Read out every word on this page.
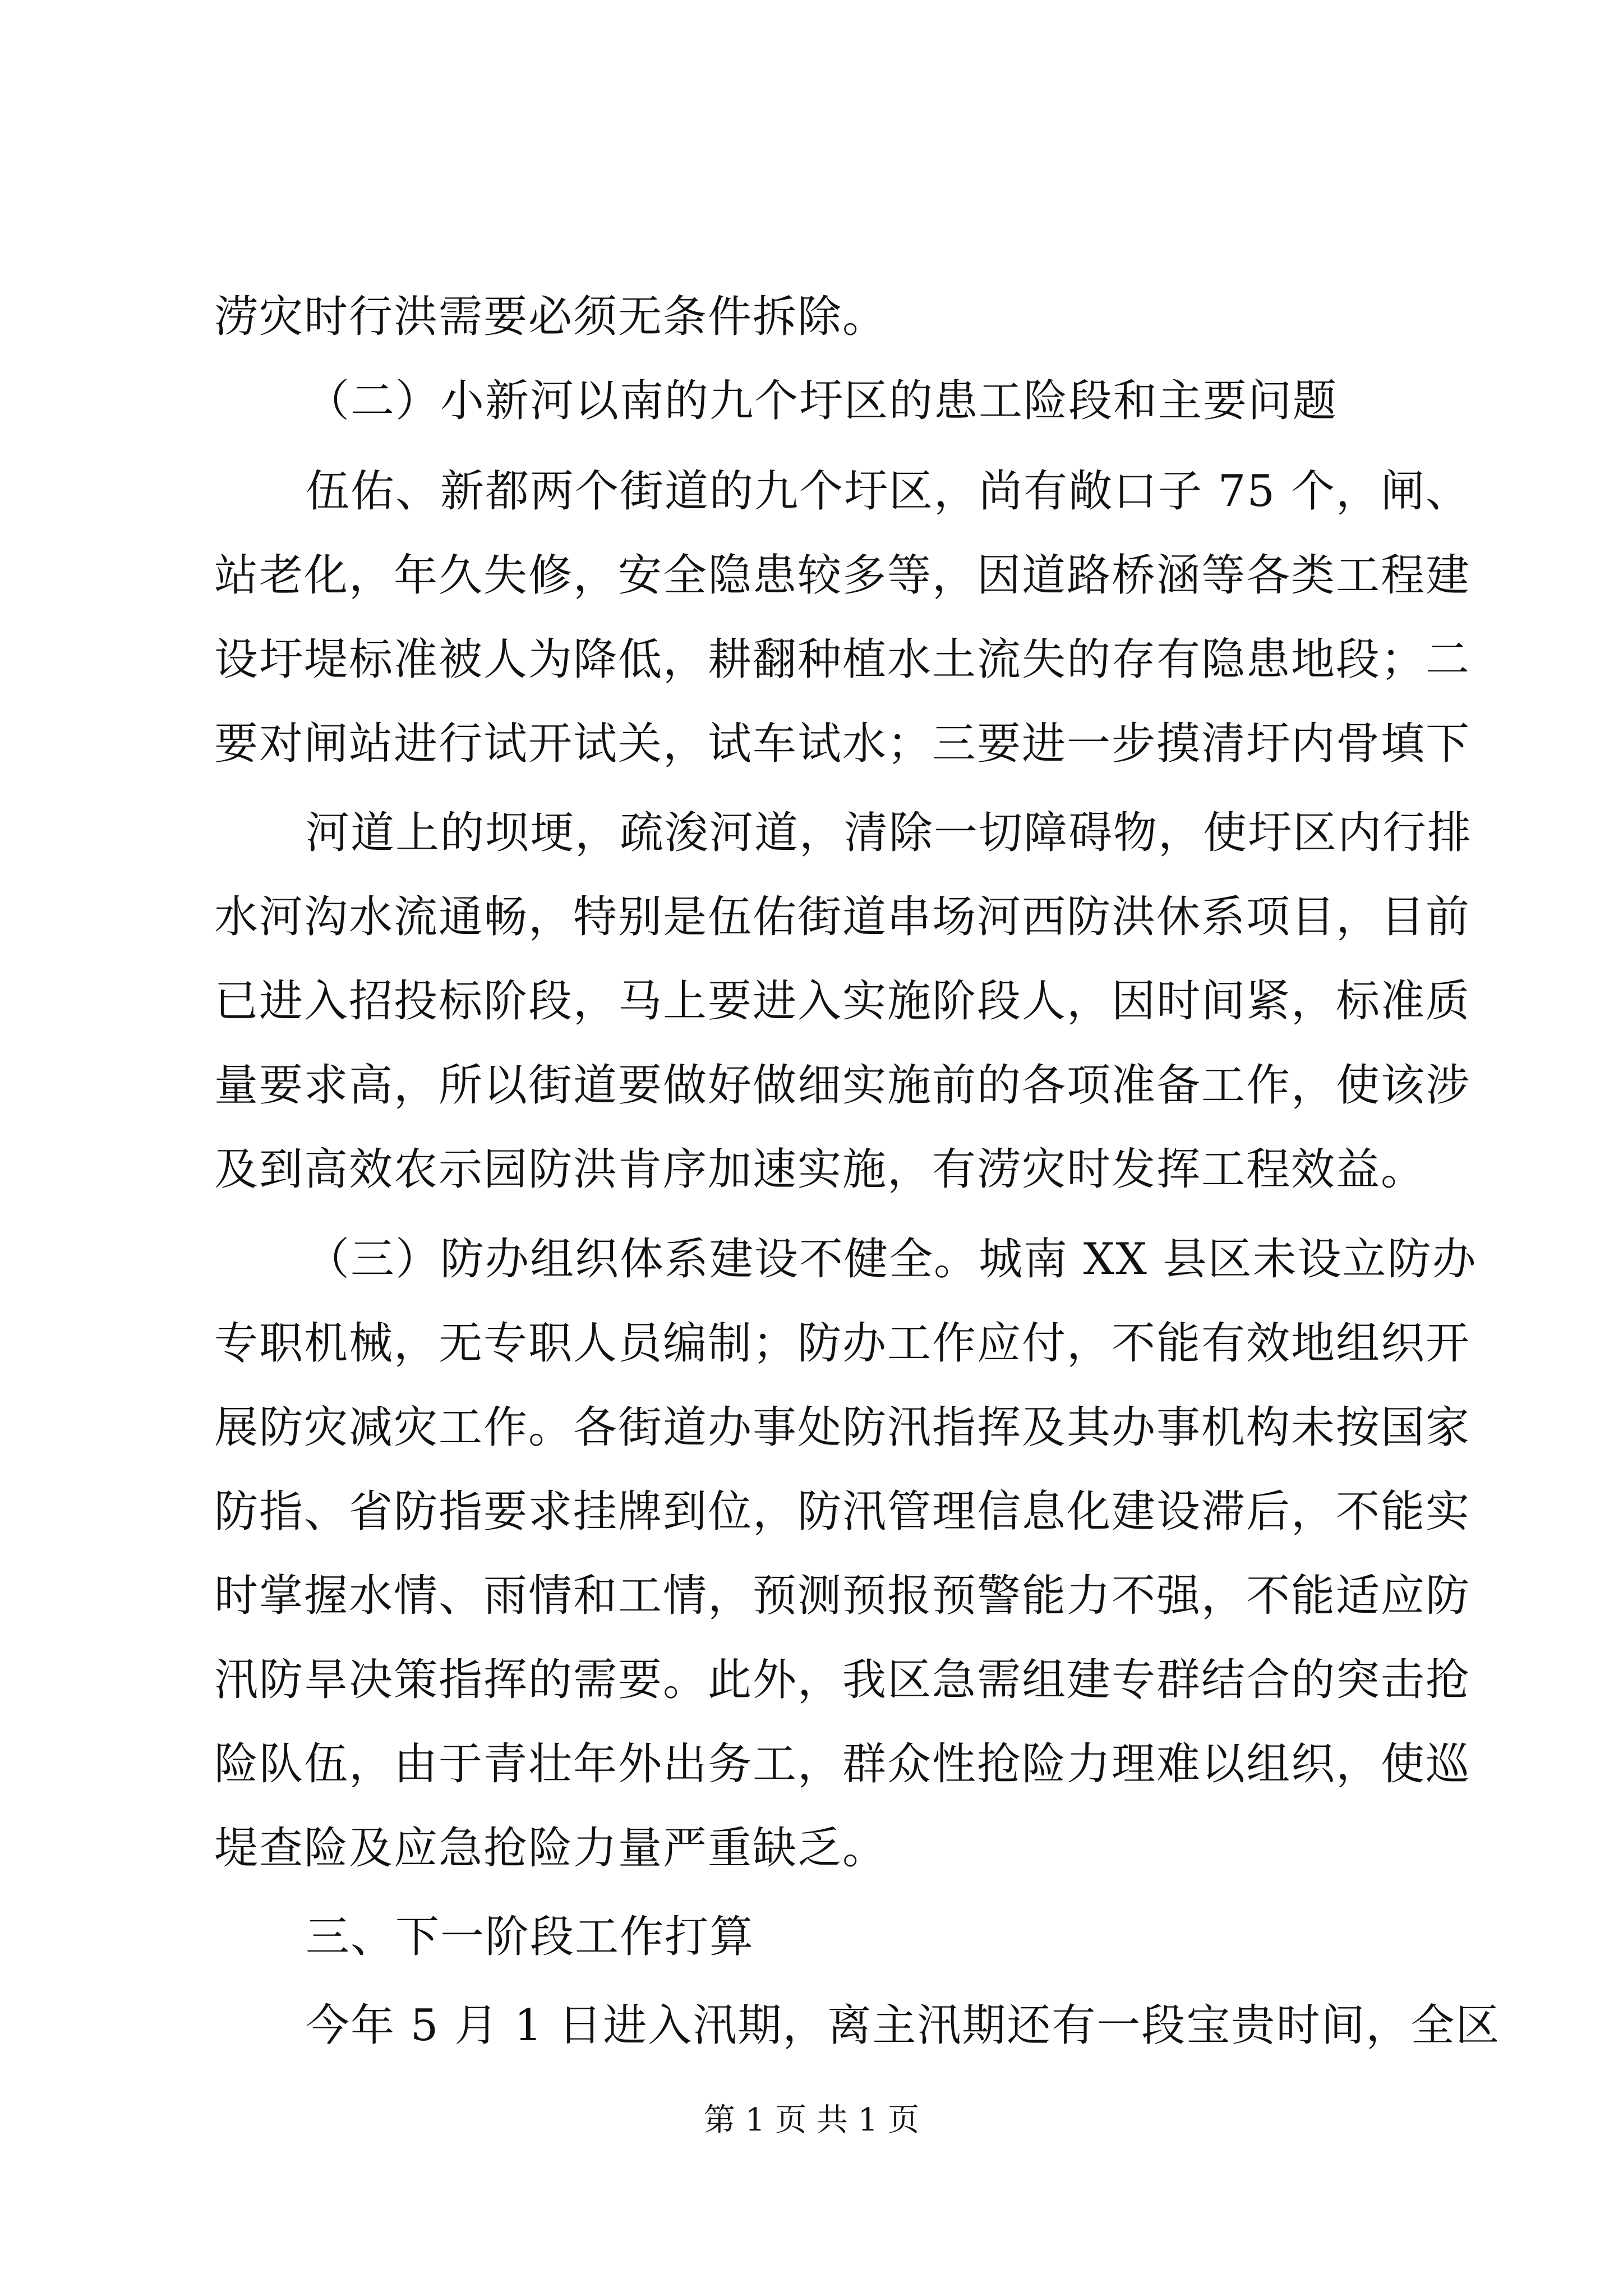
涝灾时行洪需要必须无条件拆除。
（二）小新河以南的九个圩区的患工险段和主要问题
伍佑、新都两个街道的九个圩区，尚有敞口子 75 个，闸、
站老化，年久失修，安全隐患较多等，因道路桥涵等各类工程建
设圩堤标准被人为降低，耕翻种植水土流失的存有隐患地段；二
要对闸站进行试开试关，试车试水；三要进一步摸清圩内骨填下
河道上的坝埂，疏浚河道，清除一切障碍物，使圩区内行排
水河沟水流通畅，特别是伍佑街道串场河西防洪休系项目，目前
已进入招投标阶段，马上要进入实施阶段人，因时间紧，标准质
量要求高，所以街道要做好做细实施前的各项准备工作，使该涉
及到高效农示园防洪肯序加速实施，有涝灾时发挥工程效益。
（三）防办组织体系建设不健全。城南 XX 县区未设立防办
专职机械，无专职人员编制；防办工作应付，不能有效地组织开
展防灾减灾工作。各街道办事处防汛指挥及其办事机构未按国家
防指、省防指要求挂牌到位，防汛管理信息化建设滞后，不能实
时掌握水情、雨情和工情，预测预报预警能力不强，不能适应防
汛防旱决策指挥的需要。此外，我区急需组建专群结合的突击抢
险队伍，由于青壮年外出务工，群众性抢险力理难以组织，使巡
堤查险及应急抢险力量严重缺乏。
三、下一阶段工作打算
今年 5 月 1 日进入汛期，离主汛期还有一段宝贵时间，全区
第 1 页 共 1 页
